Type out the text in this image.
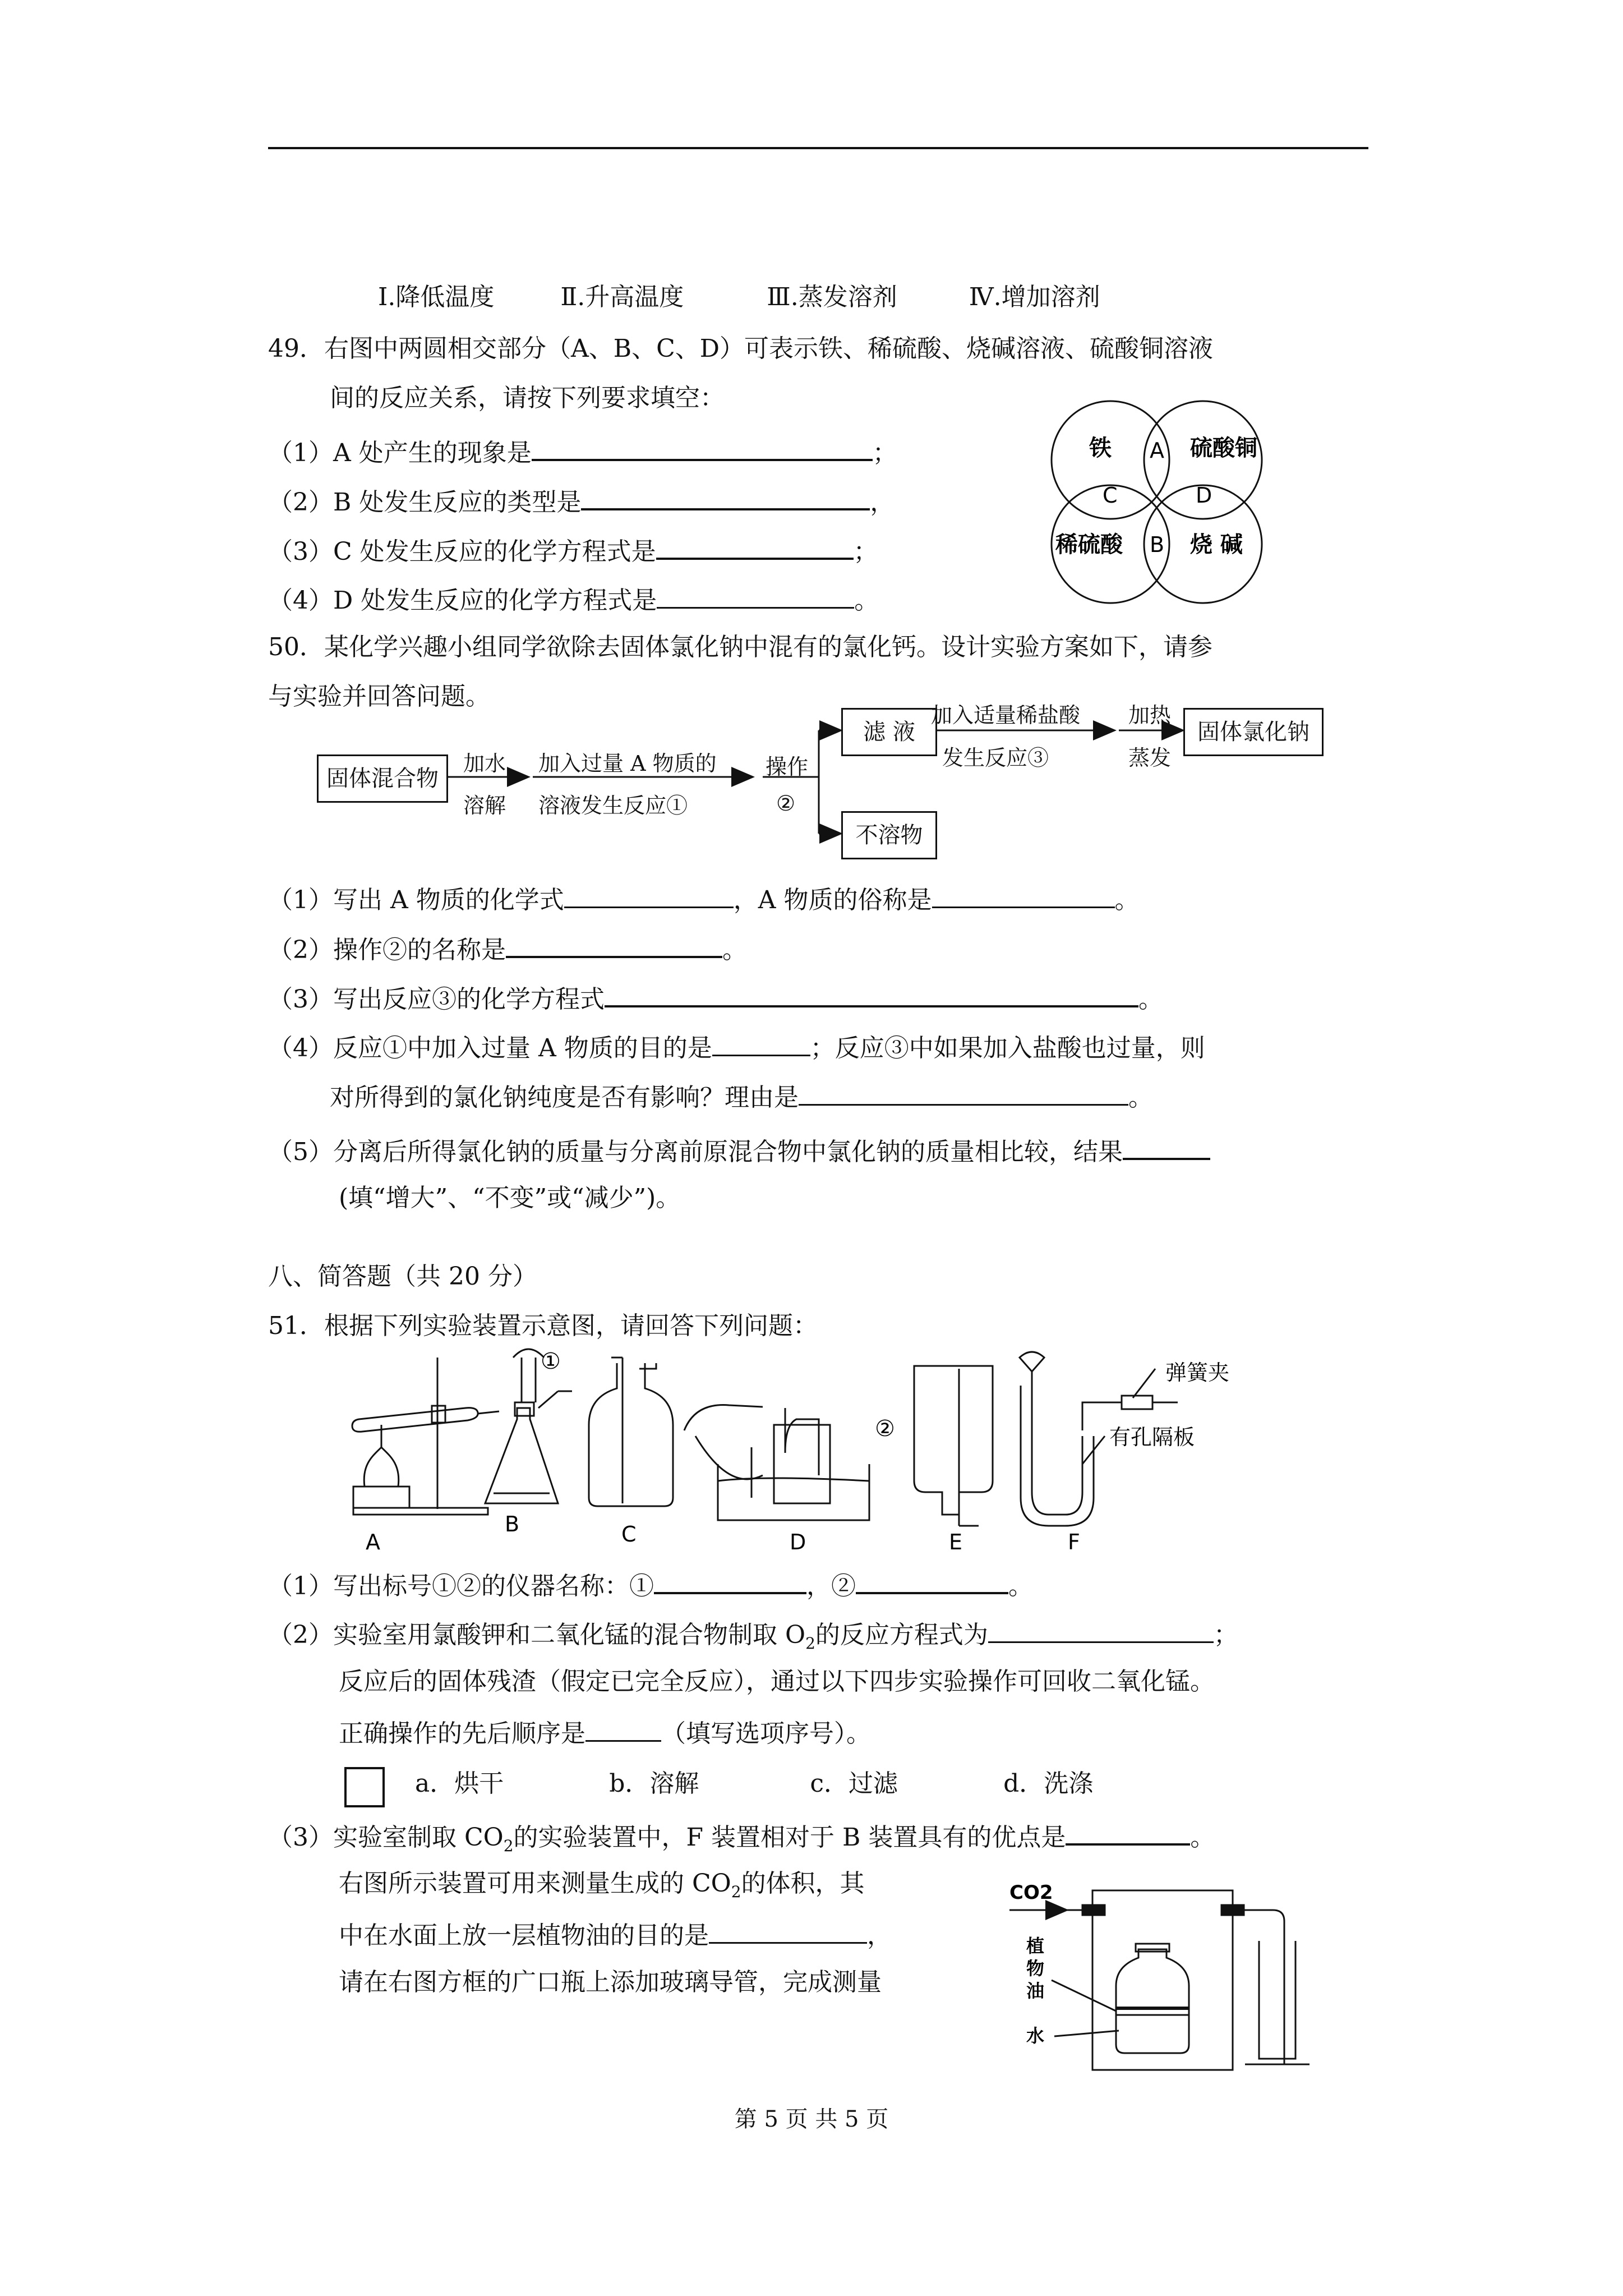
Ⅰ.降低温度	Ⅱ.升高温度	Ⅲ.蒸发溶剂	Ⅳ.增加溶剂
49．右图中两圆相交部分（A、B、C、D）可表示铁、稀硫酸、烧碱溶液、硫酸铜溶液
间的反应关系，请按下列要求填空：
（1）A 处产生的现象是	；
（2）B 处发生反应的类型是	，
（3）C 处发生反应的化学方程式是	；
（4）D 处发生反应的化学方程式是	。
铁	硫酸铜
稀硫酸	烧 碱
A
B
C	D
50．某化学兴趣小组同学欲除去固体氯化钠中混有的氯化钙。设计实验方案如下，请参
与实验并回答问题。
固体混合物
加水
溶解
加入过量 A 物质的
溶液发生反应①
操作
②
滤 液
不溶物
加入适量稀盐酸
发生反应③
加热
蒸发
固体氯化钠
（1）写出 A 物质的化学式	，A 物质的俗称是	。
（2）操作②的名称是	。
（3）写出反应③的化学方程式	。
（4）反应①中加入过量 A 物质的目的是	；反应③中如果加入盐酸也过量，则
对所得到的氯化钠纯度是否有影响？理由是	。
（5）分离后所得氯化钠的质量与分离前原混合物中氯化钠的质量相比较，结果
(填“增大”、“不变”或“减少”)。
八、简答题（共 20 分）
51．根据下列实验装置示意图，请回答下列问题：
A
B	C	D	E	F
①
②
弹簧夹
有孔隔板
（1）写出标号①②的仪器名称：①	，②	。
（2）实验室用氯酸钾和二氧化锰的混合物制取 $O_2$的反应方程式为	；
反应后的固体残渣（假定已完全反应），通过以下四步实验操作可回收二氧化锰。
正确操作的先后顺序是	（填写选项序号）。
a．烘干	b．溶解	c．过滤	d．洗涤
（3）实验室制取 $CO_2$的实验装置中，F 装置相对于 B 装置具有的优点是	。
右图所示装置可用来测量生成的 $CO_2$的体积，其
中在水面上放一层植物油的目的是	，
请在右图方框的广口瓶上添加玻璃导管，完成测量
CO2
植
物
油
水
第 5 页 共 5 页
